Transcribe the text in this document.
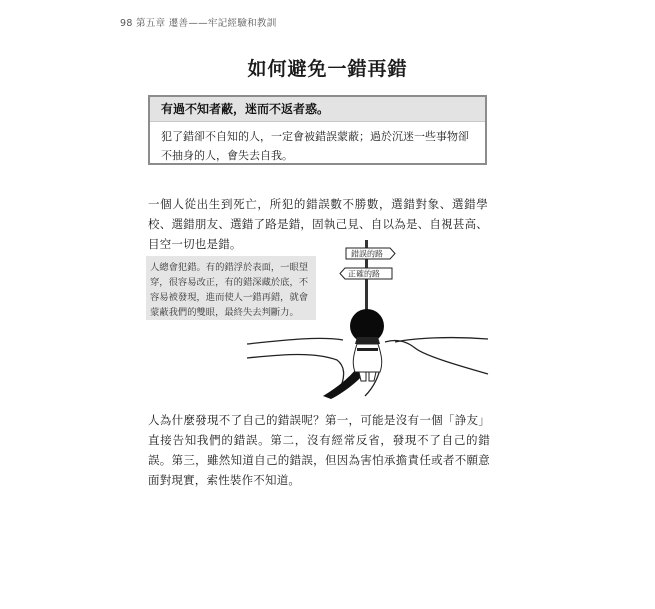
98 第五章 遷善——牢記經驗和教訓
如何避免一錯再錯
有過不知者蔽，迷而不返者惑。
犯了錯卻不自知的人，一定會被錯誤蒙蔽；過於沉迷一些事物卻不抽身的人，會失去自我。
一個人從出生到死亡，所犯的錯誤數不勝數，選錯對象、選錯學校、選錯朋友、選錯了路是錯，固執己見、自以為是、自視甚高、目空一切也是錯。
人總會犯錯。有的錯浮於表面，一眼望穿，很容易改正，有的錯深藏於底，不容易被發現，進而使人一錯再錯，就會蒙蔽我們的雙眼，最終失去判斷力。
錯誤的路
正確的路
人為什麼發現不了自己的錯誤呢？第一，可能是沒有一個「諍友」直接告知我們的錯誤。第二，沒有經常反省，發現不了自己的錯誤。第三，雖然知道自己的錯誤，但因為害怕承擔責任或者不願意面對現實，索性裝作不知道。
